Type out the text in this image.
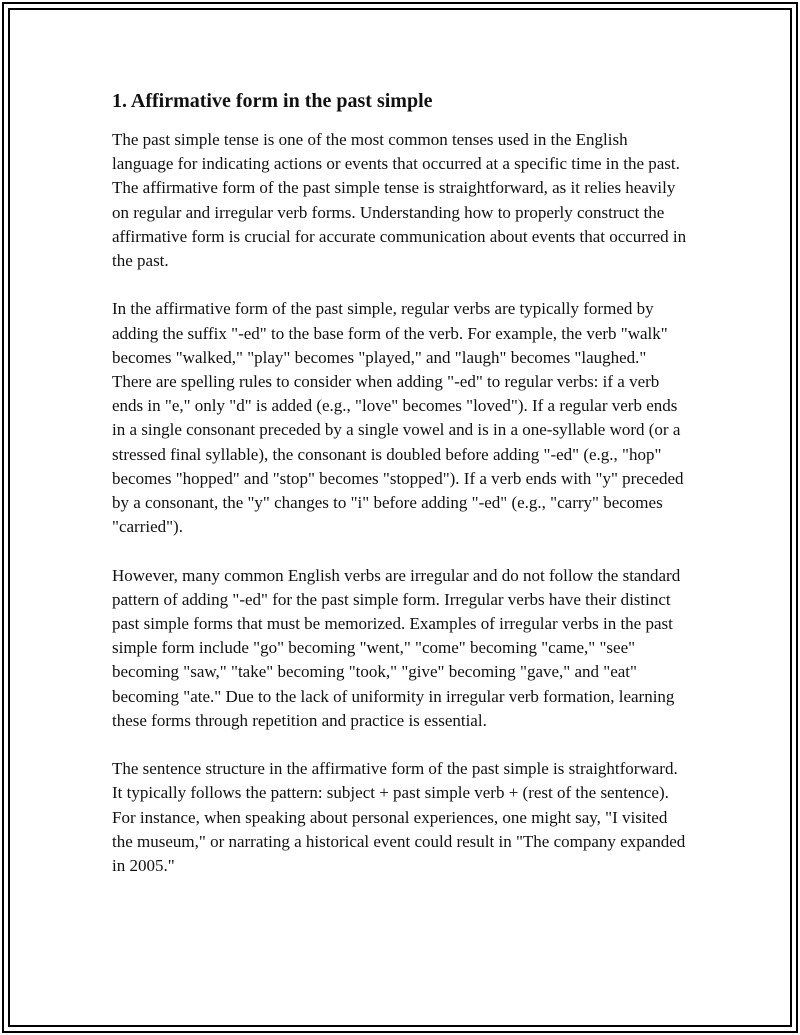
1. Affirmative form in the past simple

The past simple tense is one of the most common tenses used in the English language for indicating actions or events that occurred at a specific time in the past. The affirmative form of the past simple tense is straightforward, as it relies heavily on regular and irregular verb forms. Understanding how to properly construct the affirmative form is crucial for accurate communication about events that occurred in the past.

In the affirmative form of the past simple, regular verbs are typically formed by adding the suffix "-ed" to the base form of the verb. For example, the verb "walk" becomes "walked," "play" becomes "played," and "laugh" becomes "laughed." There are spelling rules to consider when adding "-ed" to regular verbs: if a verb ends in "e," only "d" is added (e.g., "love" becomes "loved"). If a regular verb ends in a single consonant preceded by a single vowel and is in a one-syllable word (or a stressed final syllable), the consonant is doubled before adding "-ed" (e.g., "hop" becomes "hopped" and "stop" becomes "stopped"). If a verb ends with "y" preceded by a consonant, the "y" changes to "i" before adding "-ed" (e.g., "carry" becomes "carried").

However, many common English verbs are irregular and do not follow the standard pattern of adding "-ed" for the past simple form. Irregular verbs have their distinct past simple forms that must be memorized. Examples of irregular verbs in the past simple form include "go" becoming "went," "come" becoming "came," "see" becoming "saw," "take" becoming "took," "give" becoming "gave," and "eat" becoming "ate." Due to the lack of uniformity in irregular verb formation, learning these forms through repetition and practice is essential.

The sentence structure in the affirmative form of the past simple is straightforward. It typically follows the pattern: subject + past simple verb + (rest of the sentence). For instance, when speaking about personal experiences, one might say, "I visited the museum," or narrating a historical event could result in "The company expanded in 2005."
